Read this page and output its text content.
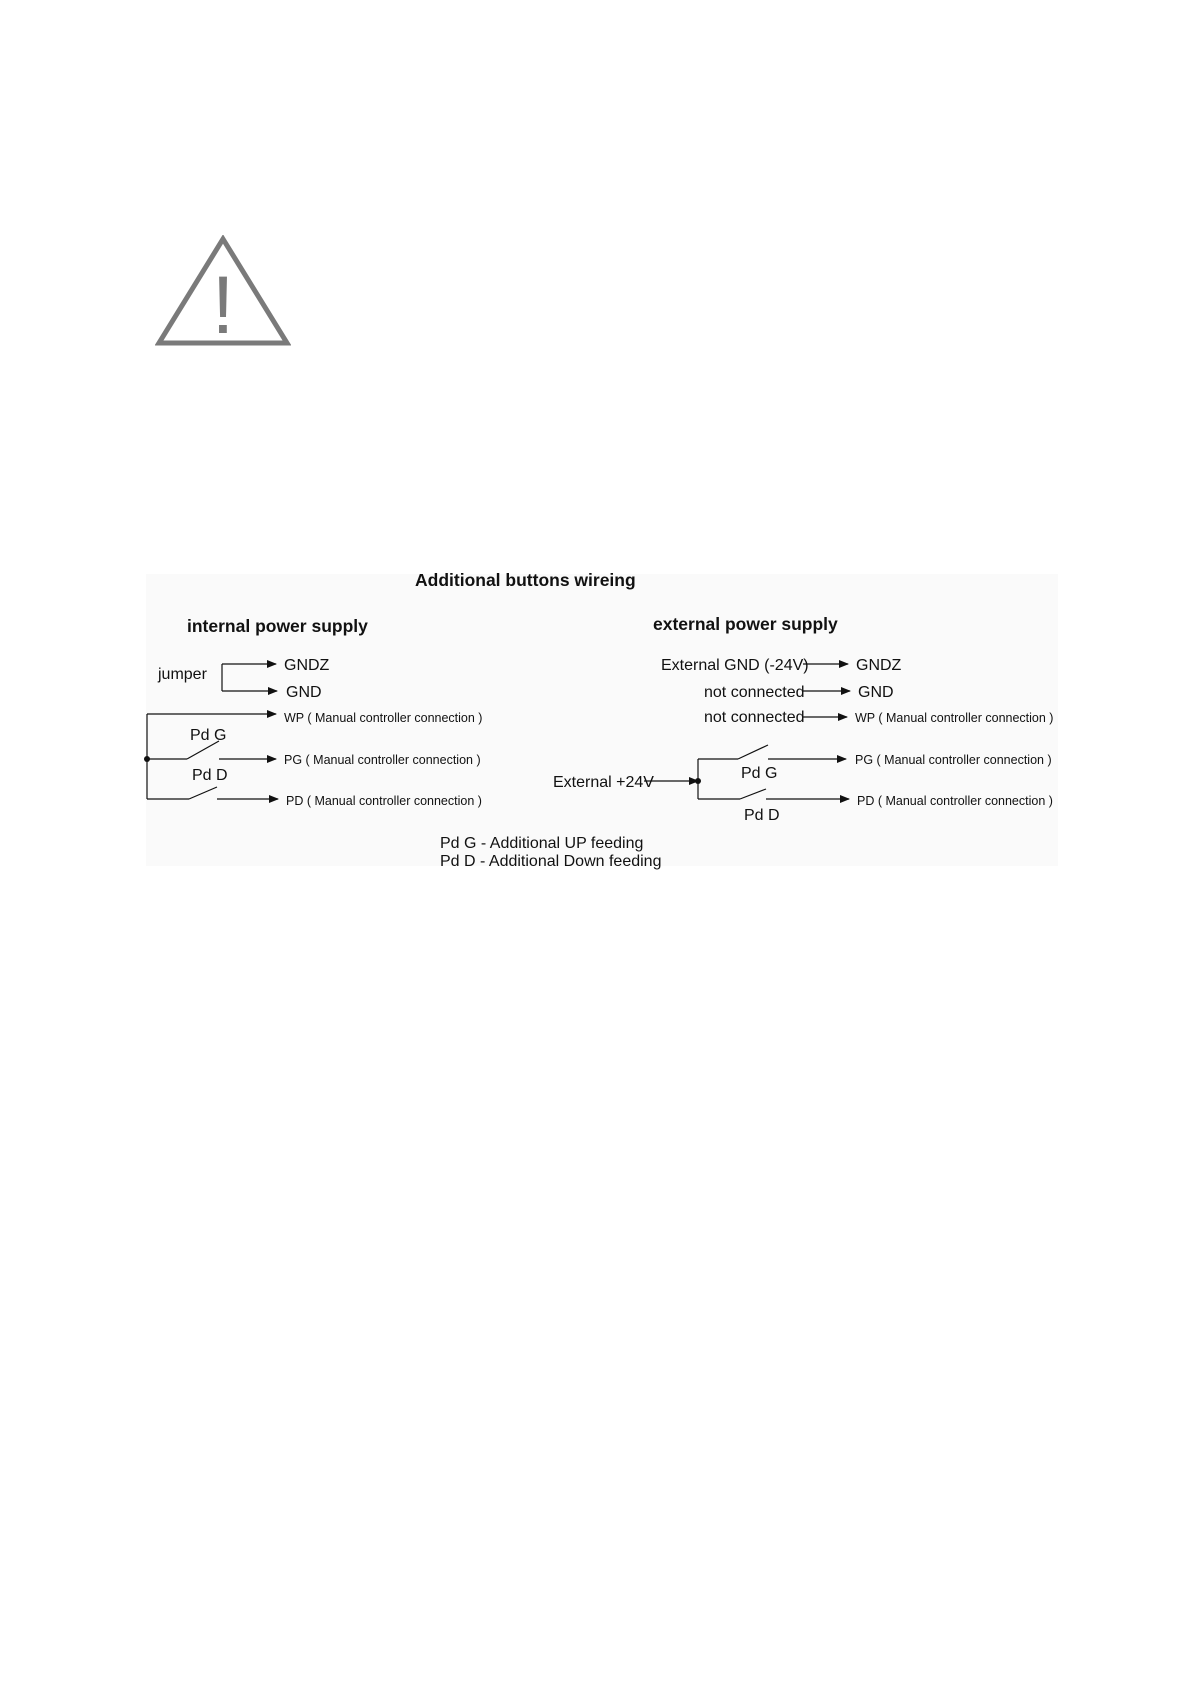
!
Additional buttons wireing
internal power supply
jumper
GNDZ
GND
WP ( Manual controller connection )
Pd G
PG ( Manual controller connection )
Pd D
PD ( Manual controller connection )
external power supply
External GND (-24V)	GNDZ
not connected	GND
not connected	WP ( Manual controller connection )
External +24V
Pd G
PG ( Manual controller connection )
Pd D
PD ( Manual controller connection )
Pd G - Additional UP feeding
Pd D - Additional Down feeding
